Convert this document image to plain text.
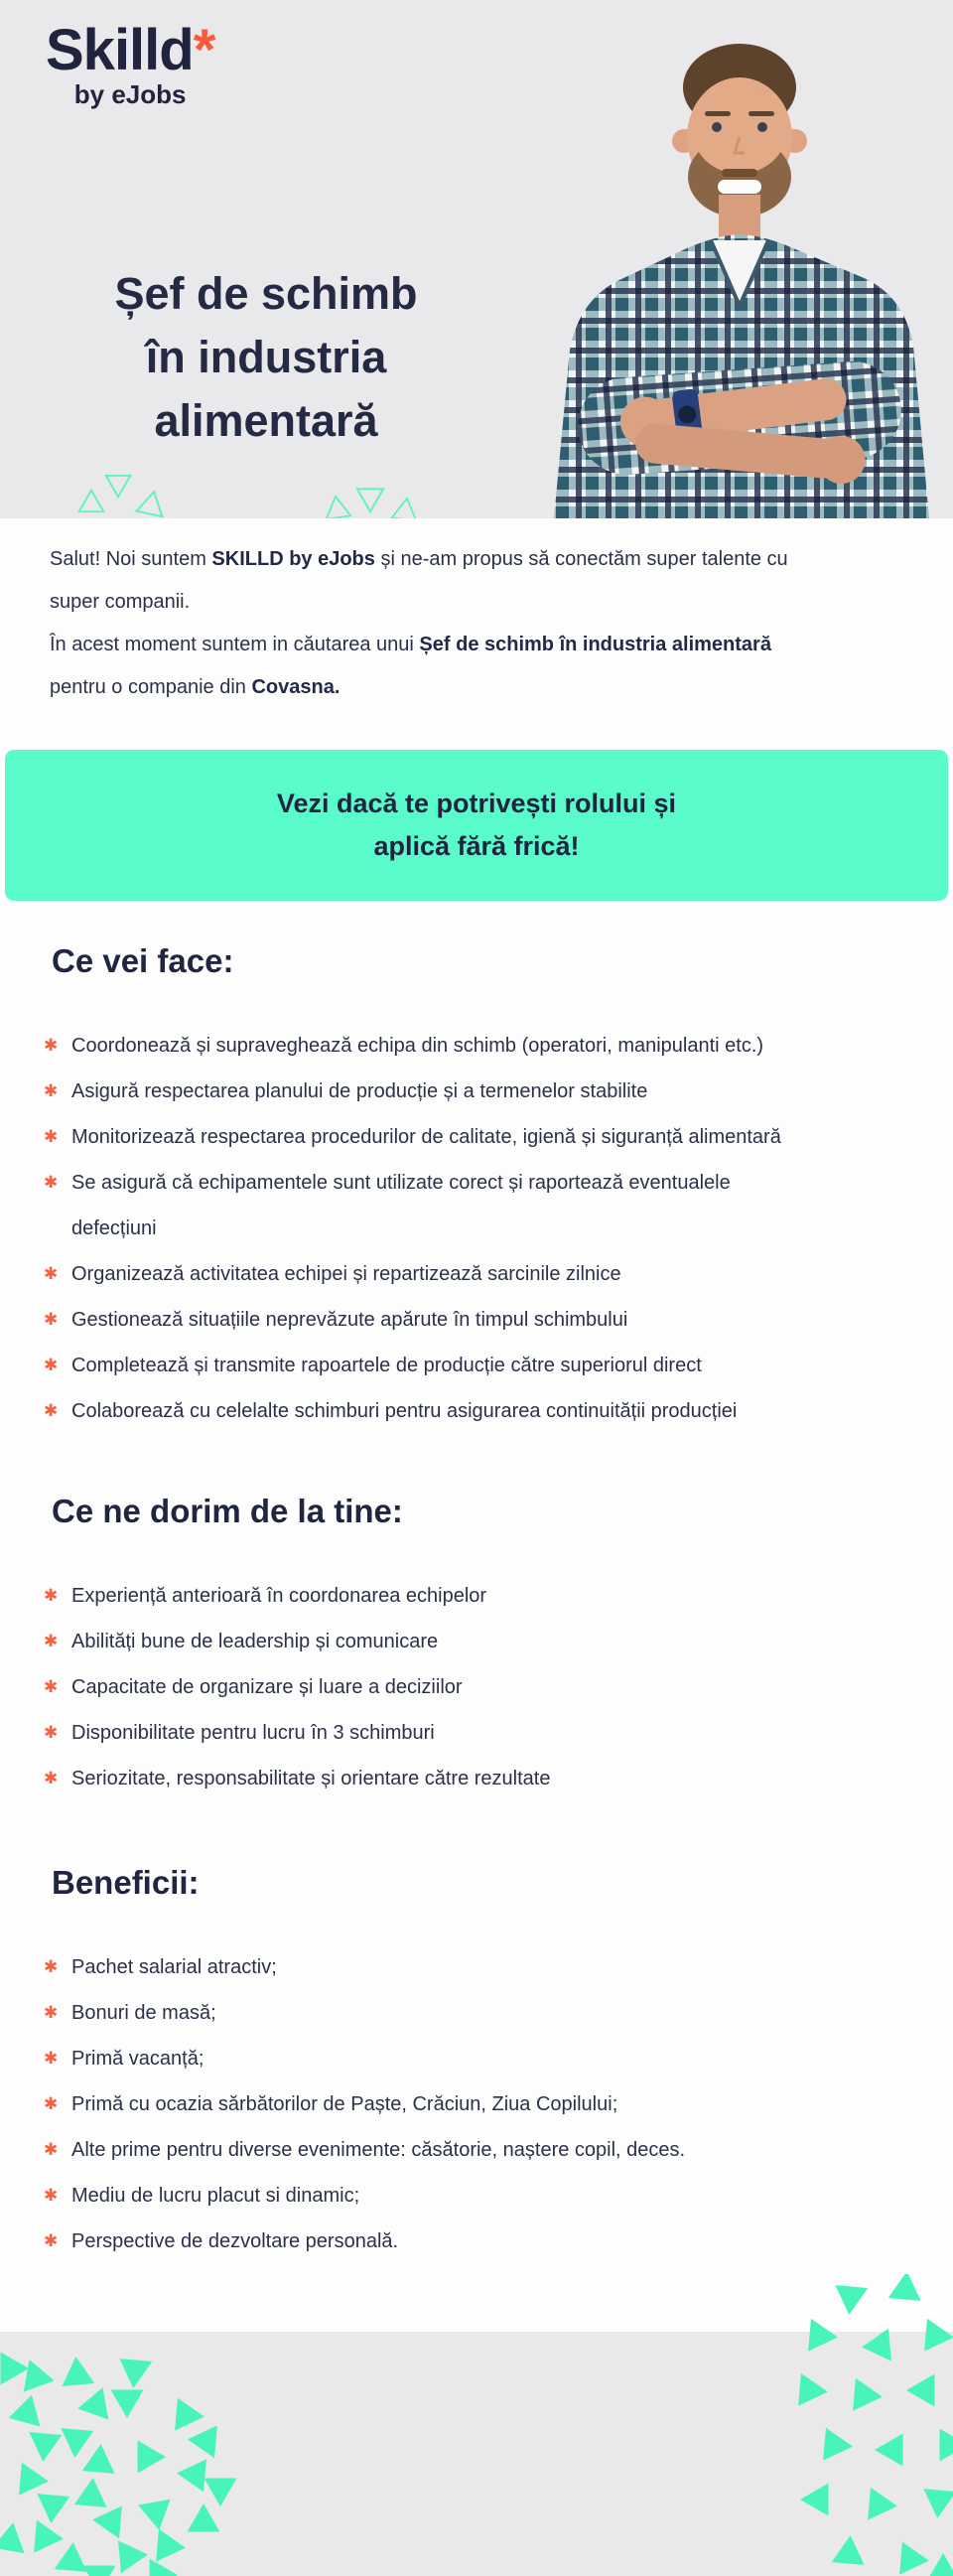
Skilld*
by eJobs
Șef de schimb
în industria
alimentară

Salut! Noi suntem SKILLD by eJobs și ne-am propus să conectăm super talente cu super companii.

În acest moment suntem in căutarea unui Șef de schimb în industria alimentară pentru o companie din Covasna.

Vezi dacă te potrivești rolului și
aplică fără frică!
Ce vei face:
✱ Coordonează și supraveghează echipa din schimb (operatori, manipulanti etc.)
✱ Asigură respectarea planului de producție și a termenelor stabilite
✱ Monitorizează respectarea procedurilor de calitate, igienă și siguranță alimentară
✱ Se asigură că echipamentele sunt utilizate corect și raportează eventualele defecțiuni
✱ Organizează activitatea echipei și repartizează sarcinile zilnice
✱ Gestionează situațiile neprevăzute apărute în timpul schimbului
✱ Completează și transmite rapoartele de producție către superiorul direct
✱ Colaborează cu celelalte schimburi pentru asigurarea continuității producției
Ce ne dorim de la tine:
✱ Experiență anterioară în coordonarea echipelor
✱ Abilități bune de leadership și comunicare
✱ Capacitate de organizare și luare a deciziilor
✱ Disponibilitate pentru lucru în 3 schimburi
✱ Seriozitate, responsabilitate și orientare către rezultate
Beneficii:
✱ Pachet salarial atractiv;
✱ Bonuri de masă;
✱ Primă vacanță;
✱ Primă cu ocazia sărbătorilor de Paște, Crăciun, Ziua Copilului;
✱ Alte prime pentru diverse evenimente: căsătorie, naștere copil, deces.
✱ Mediu de lucru placut si dinamic;
✱ Perspective de dezvoltare personală.
